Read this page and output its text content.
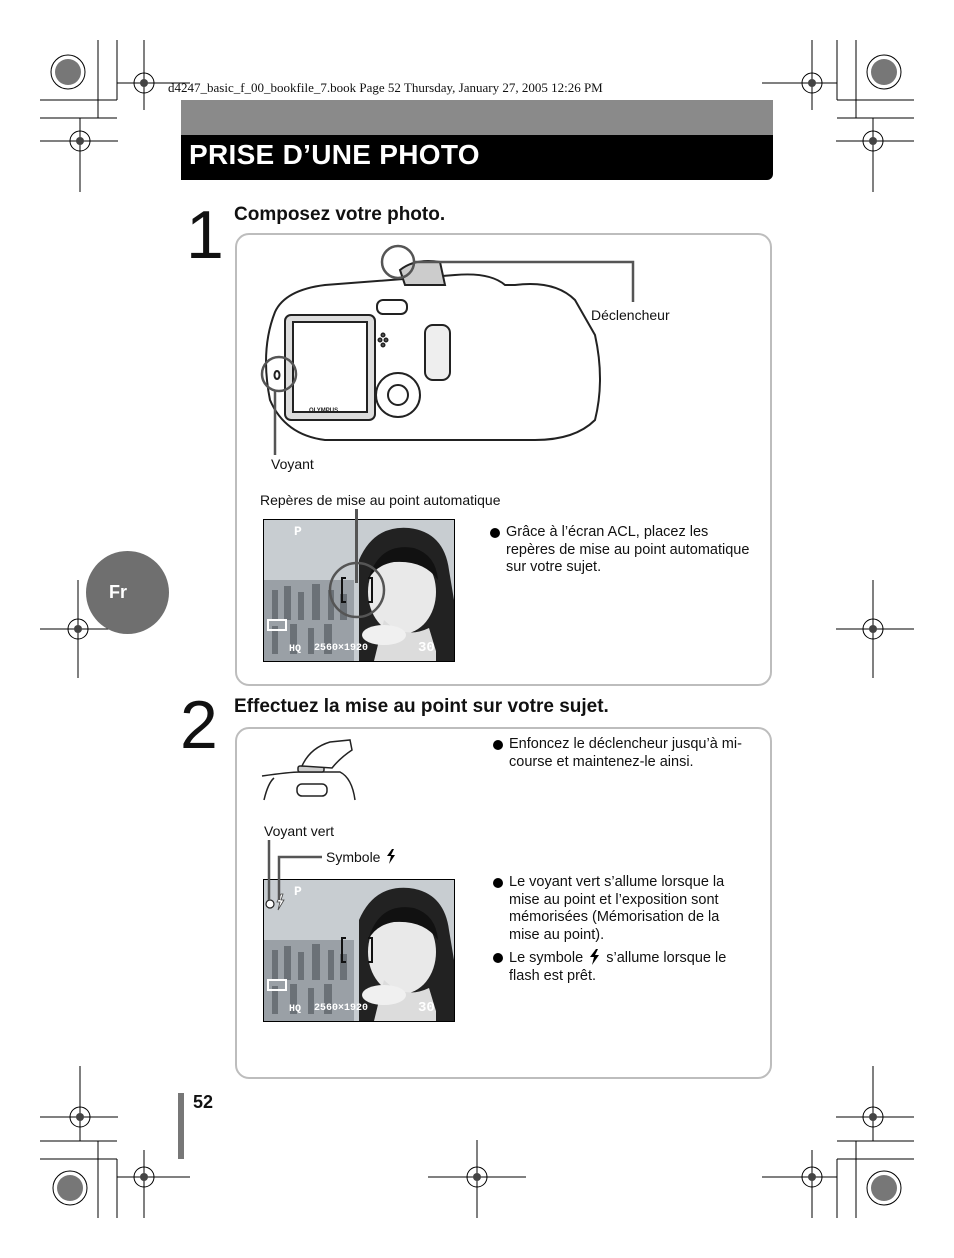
d4247_basic_f_00_bookfile_7.book Page 52 Thursday, January 27, 2005 12:26 PM
PRISE D’UNE PHOTO
Fr
1 Composez votre photo.
OLYMPUS
Déclencheur
Voyant
Repères de mise au point automatique
P
HQ 2560×1920	30
Grâce à l’écran ACL, placez les repères de mise au point automatique sur votre sujet.
2 Effectuez la mise au point sur votre sujet.
Enfoncez le déclencheur jusqu’à mi-course et maintenez-le ainsi.
Voyant vert
Symbole
P
HQ 2560×1920	30
Le voyant vert s’allume lorsque la mise au point et l’exposition sont mémorisées (Mémorisation de la mise au point).
Le symbole s’allume lorsque le flash est prêt.
52
